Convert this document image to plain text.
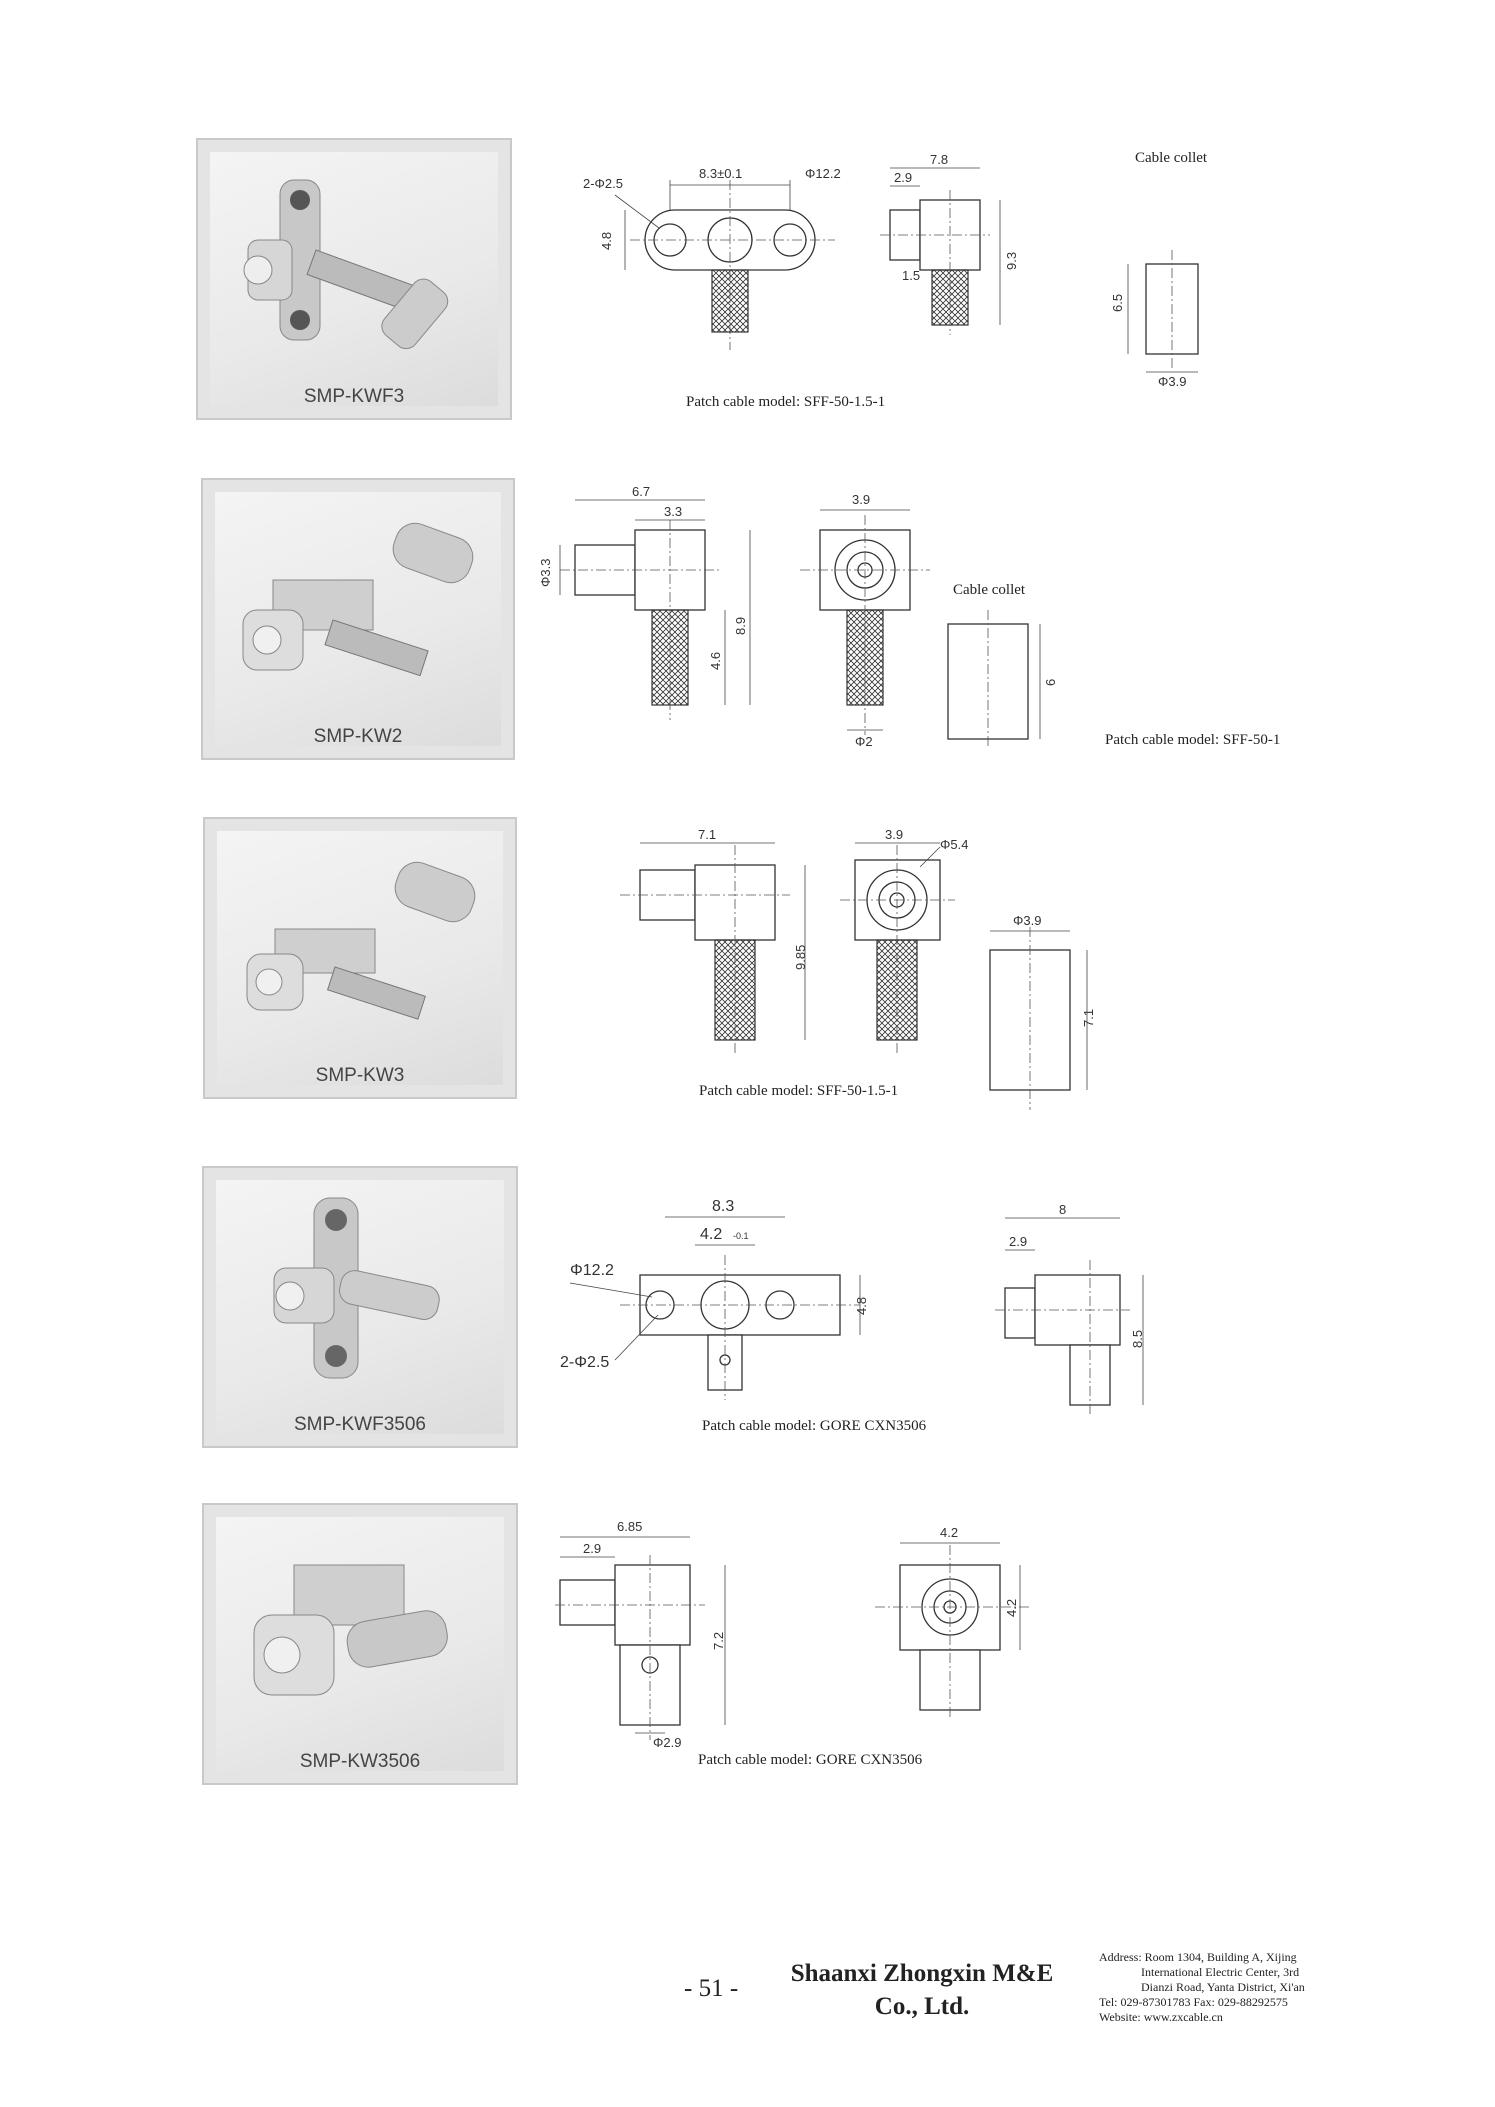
SMP-KWF3
8.3±0.1	Φ12.2
2-Φ2.5
4.8
7.8
2.9
1.5
9.3
Cable collet
6.5
Φ3.9
Patch cable model: SFF-50-1.5-1
SMP-KW2
6.7
3.3
Φ3.3
8.9
4.6
3.9
Φ2
Cable collet
6
Patch cable model: SFF-50-1
SMP-KW3
7.1
9.85
3.9
Φ5.4
Φ3.9
7.1
Patch cable model: SFF-50-1.5-1
SMP-KWF3506
8.3
4.2 -0.1
Φ12.2
2-Φ2.5
4.8
8
2.9
8.5
Patch cable model: GORE CXN3506
SMP-KW3506
6.85
2.9
7.2
Φ2.9
4.2
4.2
Patch cable model: GORE CXN3506
- 51 -
Shaanxi Zhongxin M&E
Co., Ltd.
Address: Room 1304, Building A, Xijing
International Electric Center, 3rd
Dianzi Road, Yanta District, Xi'an
Tel: 029-87301783 Fax: 029-88292575
Website: www.zxcable.cn
